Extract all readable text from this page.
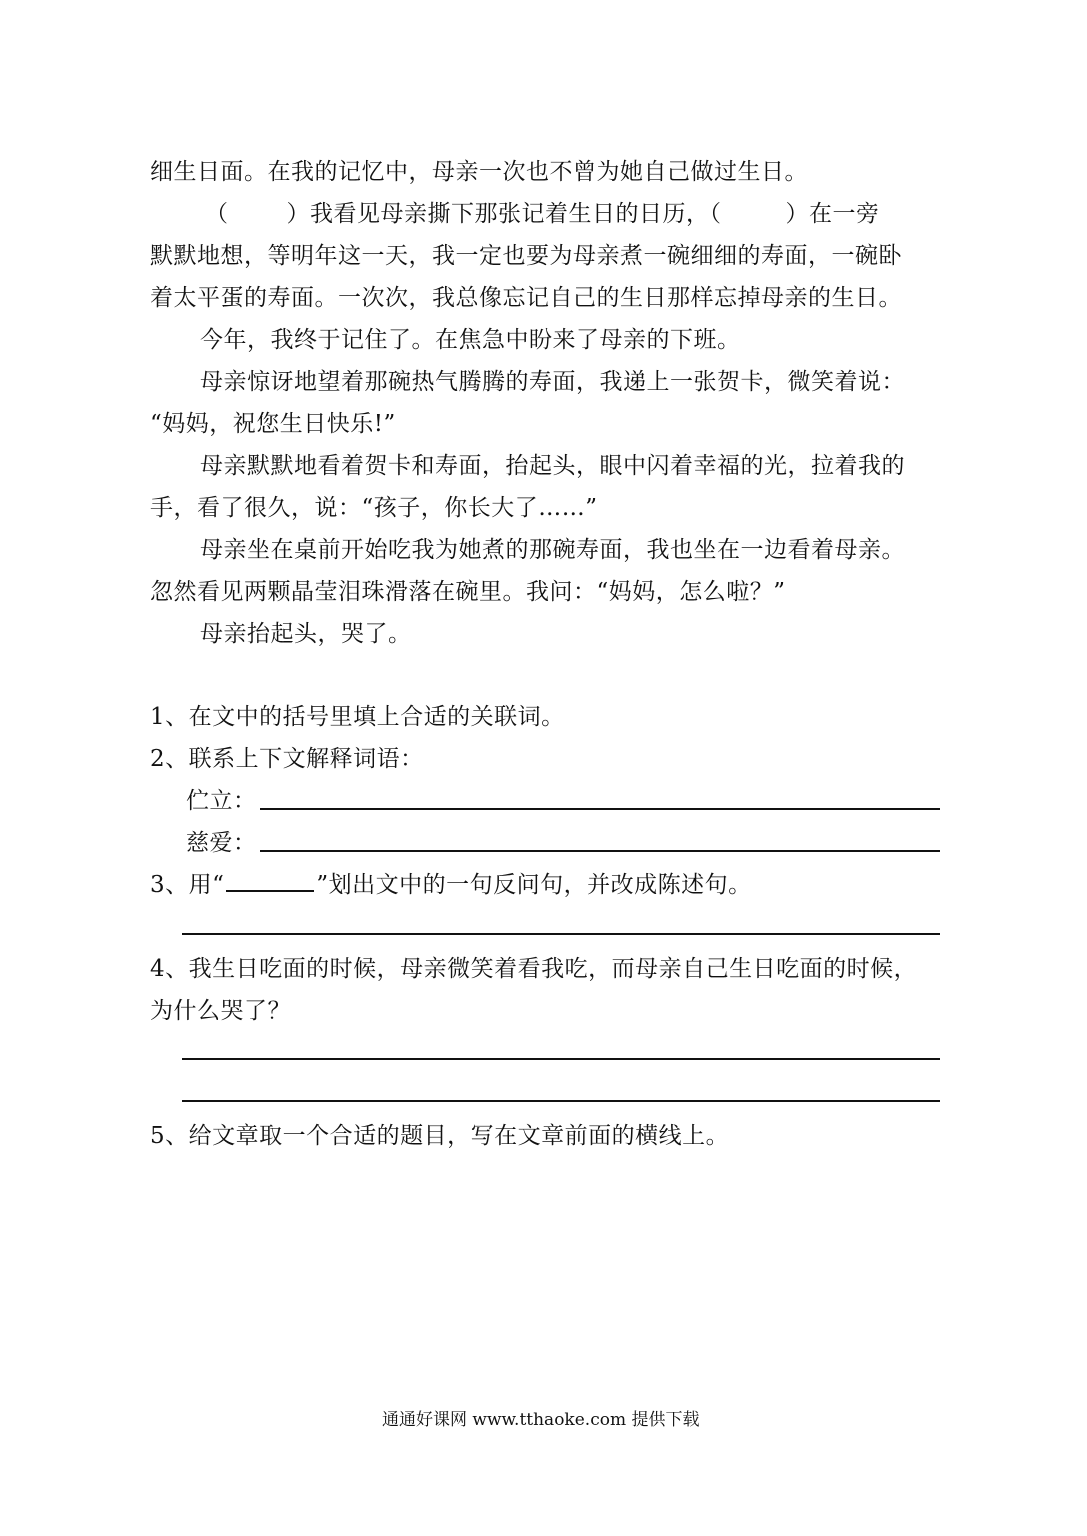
细生日面。在我的记忆中，母亲一次也不曾为她自己做过生日。
（	）我看见母亲撕下那张记着生日的日历，（	）在一旁
默默地想，等明年这一天，我一定也要为母亲煮一碗细细的寿面，一碗卧
着太平蛋的寿面。一次次，我总像忘记自己的生日那样忘掉母亲的生日。
今年，我终于记住了。在焦急中盼来了母亲的下班。
母亲惊讶地望着那碗热气腾腾的寿面，我递上一张贺卡，微笑着说：
“妈妈，祝您生日快乐!”
母亲默默地看着贺卡和寿面，抬起头，眼中闪着幸福的光，拉着我的
手，看了很久，说：“孩子，你长大了……”
母亲坐在桌前开始吃我为她煮的那碗寿面，我也坐在一边看着母亲。
忽然看见两颗晶莹泪珠滑落在碗里。我问：“妈妈，怎么啦？”
母亲抬起头，哭了。
1、在文中的括号里填上合适的关联词。
2、联系上下文解释词语：
伫立：
慈爱：
3、用“	”划出文中的一句反问句，并改成陈述句。
4、我生日吃面的时候，母亲微笑着看我吃，而母亲自己生日吃面的时候，
为什么哭了？
5、给文章取一个合适的题目，写在文章前面的横线上。
通通好课网 www.tthaoke.com 提供下载
